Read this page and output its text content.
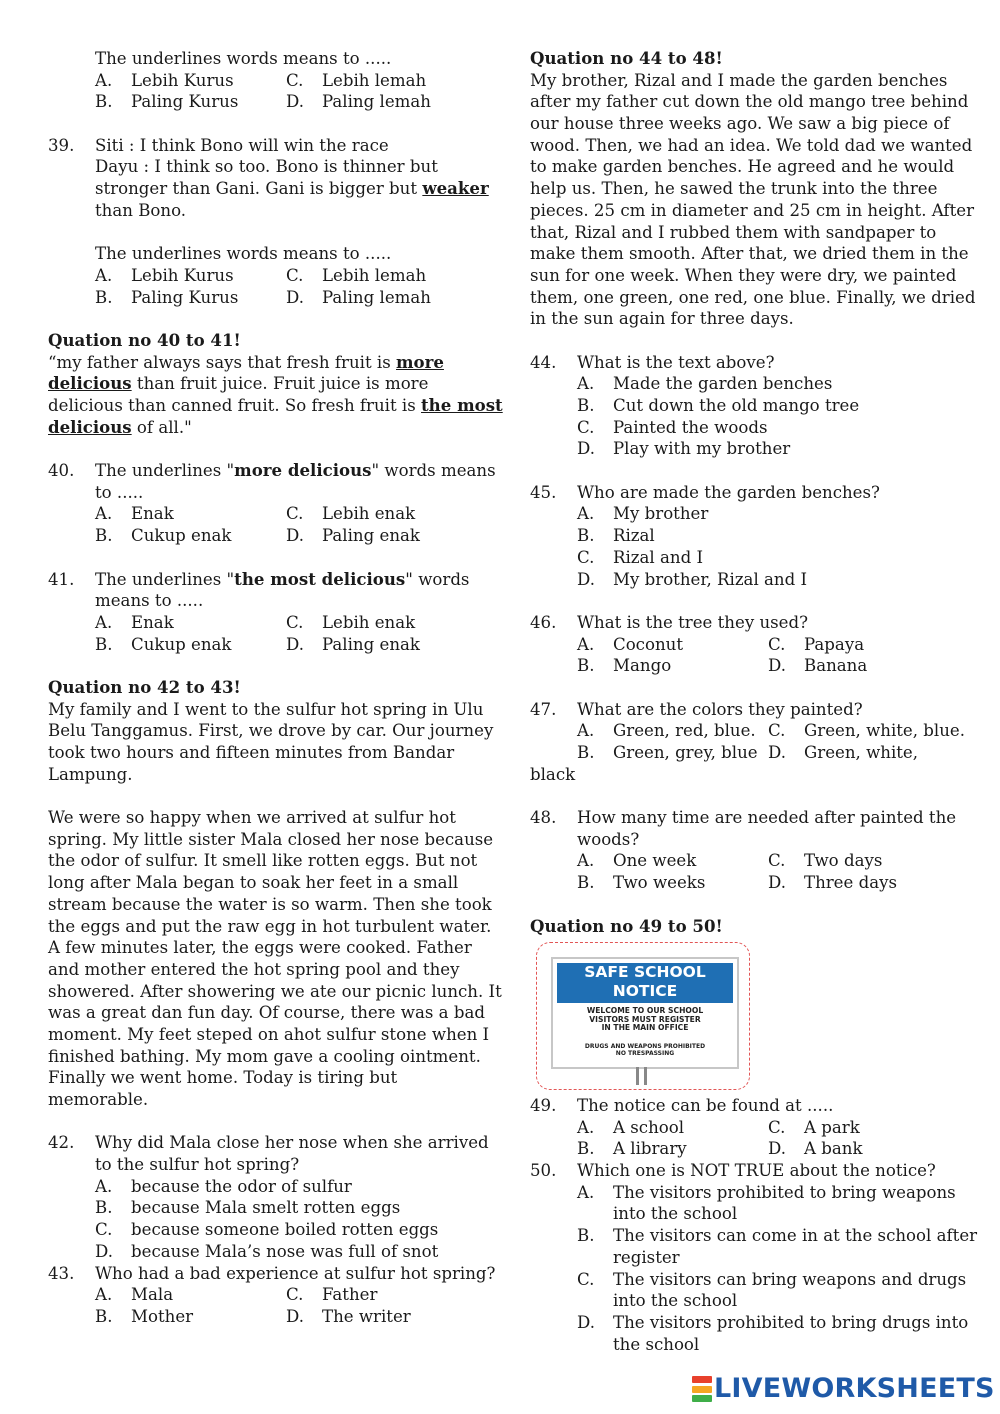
The underlines words means to .....
A. Lebih Kurus	C. Lebih lemah
B. Paling Kurus	D. Paling lemah
39. Siti : I think Bono will win the race
Dayu : I think so too. Bono is thinner but
stronger than Gani. Gani is bigger but weaker
than Bono.
The underlines words means to .....
A. Lebih Kurus	C. Lebih lemah
B. Paling Kurus	D. Paling lemah
Quation no 40 to 41!
“my father always says that fresh fruit is more
delicious than fruit juice. Fruit juice is more
delicious than canned fruit. So fresh fruit is the most
delicious of all."
40. The underlines "more delicious" words means
to .....
A. Enak	C. Lebih enak
B. Cukup enak	D. Paling enak
41. The underlines "the most delicious" words
means to .....
A. Enak	C. Lebih enak
B. Cukup enak	D. Paling enak
Quation no 42 to 43!
My family and I went to the sulfur hot spring in Ulu
Belu Tanggamus. First, we drove by car. Our journey
took two hours and fifteen minutes from Bandar
Lampung.
We were so happy when we arrived at sulfur hot
spring. My little sister Mala closed her nose because
the odor of sulfur. It smell like rotten eggs. But not
long after Mala began to soak her feet in a small
stream because the water is so warm. Then she took
the eggs and put the raw egg in hot turbulent water.
A few minutes later, the eggs were cooked. Father
and mother entered the hot spring pool and they
showered. After showering we ate our picnic lunch. It
was a great dan fun day. Of course, there was a bad
moment. My feet steped on ahot sulfur stone when I
finished bathing. My mom gave a cooling ointment.
Finally we went home. Today is tiring but
memorable.
42. Why did Mala close her nose when she arrived
to the sulfur hot spring?
A. because the odor of sulfur
B. because Mala smelt rotten eggs
C. because someone boiled rotten eggs
D. because Mala’s nose was full of snot
43. Who had a bad experience at sulfur hot spring?
A. Mala	C. Father
B. Mother	D. The writer
Quation no 44 to 48!
My brother, Rizal and I made the garden benches
after my father cut down the old mango tree behind
our house three weeks ago. We saw a big piece of
wood. Then, we had an idea. We told dad we wanted
to make garden benches. He agreed and he would
help us. Then, he sawed the trunk into the three
pieces. 25 cm in diameter and 25 cm in height. After
that, Rizal and I rubbed them with sandpaper to
make them smooth. After that, we dried them in the
sun for one week. When they were dry, we painted
them, one green, one red, one blue. Finally, we dried
in the sun again for three days.
44. What is the text above?
A. Made the garden benches
B. Cut down the old mango tree
C. Painted the woods
D. Play with my brother
45. Who are made the garden benches?
A. My brother
B. Rizal
C. Rizal and I
D. My brother, Rizal and I
46. What is the tree they used?
A. Coconut	C. Papaya
B. Mango	D. Banana
47. What are the colors they painted?
A. Green, red, blue. C. Green, white, blue.
B. Green, grey, blue D. Green, white,
black
48. How many time are needed after painted the
woods?
A. One week	C. Two days
B. Two weeks	D. Three days
Quation no 49 to 50!
SAFE SCHOOL
NOTICE
WELCOME TO OUR SCHOOL
VISITORS MUST REGISTER
IN THE MAIN OFFICE
DRUGS AND WEAPONS PROHIBITED
NO TRESPASSING
49. The notice can be found at .....
A. A school	C. A park
B. A library	D. A bank
50. Which one is NOT TRUE about the notice?
A. The visitors prohibited to bring weapons
into the school
B. The visitors can come in at the school after
register
C. The visitors can bring weapons and drugs
into the school
D. The visitors prohibited to bring drugs into
the school
LIVEWORKSHEETS
